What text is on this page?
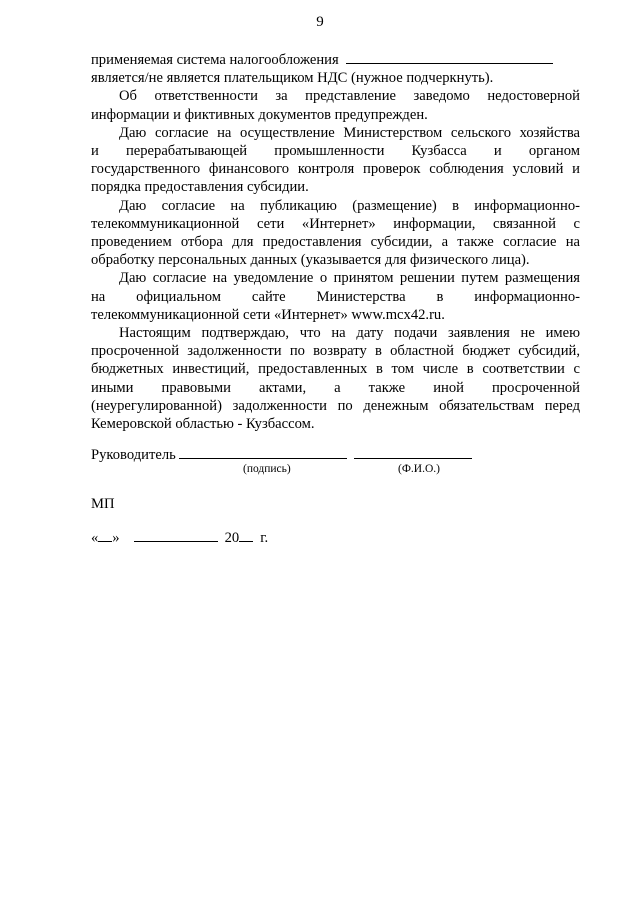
9
применяемая система налогообложения
является/не является плательщиком НДС (нужное подчеркнуть).
Об ответственности за представление заведомо недостоверной
информации и фиктивных документов предупрежден.
Даю согласие на осуществление Министерством сельского хозяйства
и перерабатывающей промышленности Кузбасса и органом
государственного финансового контроля проверок соблюдения условий и
порядка предоставления субсидии.
Даю согласие на публикацию (размещение) в информационно-
телекоммуникационной сети «Интернет» информации, связанной с
проведением отбора для предоставления субсидии, а также согласие на
обработку персональных данных (указывается для физического лица).
Даю согласие на уведомление о принятом решении путем размещения
на официальном сайте Министерства в информационно-
телекоммуникационной сети «Интернет» www.mcx42.ru.
Настоящим подтверждаю, что на дату подачи заявления не имею
просроченной задолженности по возврату в областной бюджет субсидий,
бюджетных инвестиций, предоставленных в том числе в соответствии с
иными правовыми актами, а также иной просроченной
(неурегулированной) задолженности по денежным обязательствам перед
Кемеровской областью - Кузбассом.
Руководитель
(подпись)	(Ф.И.О.)
МП
« »	20 г.
